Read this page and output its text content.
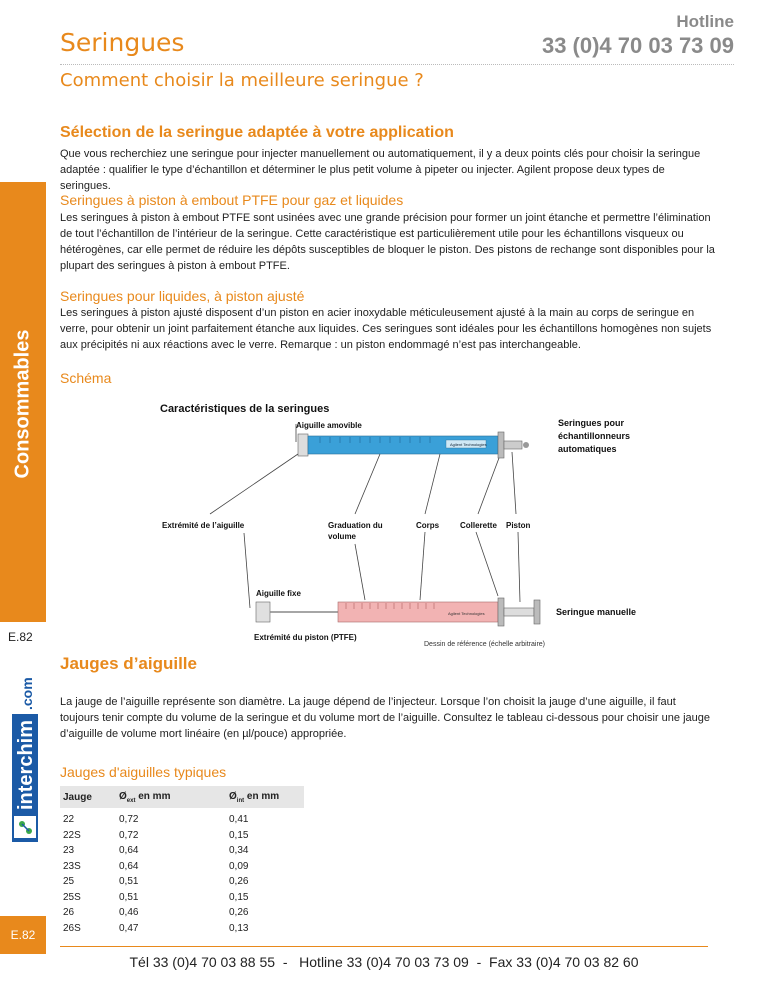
Seringues
Hotline
33 (0)4 70 03 73 09
Comment choisir la meilleure seringue ?
Consommables
E.82
interchim
.com
E.82
Sélection de la seringue adaptée à votre application
Que vous recherchiez une seringue pour injecter manuellement ou automatiquement, il y a deux points clés pour choisir la seringue adaptée : qualifier le type d’échantillon et déterminer le plus petit volume à pipeter ou injecter. Agilent propose deux types de seringues.
Seringues à piston à embout PTFE pour gaz et liquides
Les seringues à piston à embout PTFE sont usinées avec une grande précision pour former un joint étanche et permettre l’élimination de tout l’échantillon de l’intérieur de la seringue. Cette caractéristique est particulièrement utile pour les échantillons visqueux ou hétérogènes, car elle permet de réduire les dépôts susceptibles de bloquer le piston. Des pistons de rechange sont disponibles pour la plupart des seringues à piston à embout PTFE.
Seringues pour liquides, à piston ajusté
Les seringues à piston ajusté disposent d’un piston en acier inoxydable méticuleusement ajusté à la main au corps de seringue en verre, pour obtenir un joint parfaitement étanche aux liquides. Ces seringues sont idéales pour les échantillons homogènes non sujets aux précipités ni aux réactions avec le verre. Remarque : un piston endommagé n’est pas interchangeable.
Schéma
Caractéristiques de la seringues
Aiguille amovible
Agilent Technologies
Seringues pour
échantillonneurs
automatiques
Extrémité de l’aiguille	Graduation du
volume
Corps	Collerette Piston
Aiguille fixe
Agilent Technologies	Seringue manuelle
Extrémité du piston (PTFE)
Dessin de référence (échelle arbitraire)
Jauges d’aiguille
La jauge de l’aiguille représente son diamètre. La jauge dépend de l’injecteur. Lorsque l’on choisit la jauge d’une aiguille, il faut toujours tenir compte du volume de la seringue et du volume mort de l’aiguille. Consultez le tableau ci-dessous pour choisir une jauge d’aiguille de volume mort linéaire (en µl/pouce) appropriée.
Jauges d'aiguilles typiques
Jauge	$Ø_{ext}$ en mm	$Ø_{int}$ en mm
22	0,72	0,41
22S	0,72	0,15
23	0,64	0,34
23S	0,64	0,09
25	0,51	0,26
25S	0,51	0,15
26	0,46	0,26
26S	0,47	0,13
Tél 33 (0)4 70 03 88 55  -   Hotline 33 (0)4 70 03 73 09  -  Fax 33 (0)4 70 03 82 60
